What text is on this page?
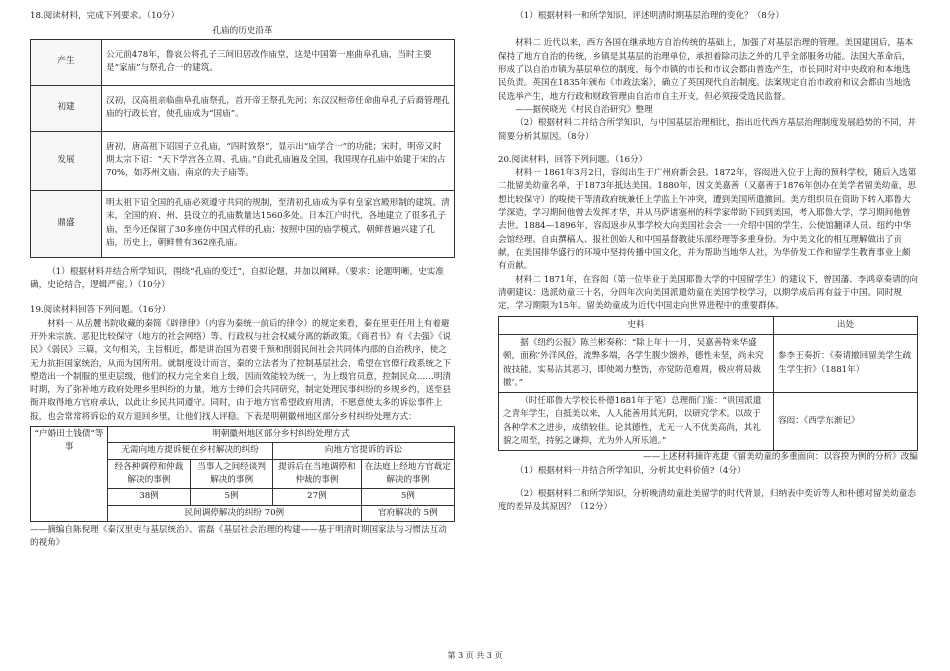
18.阅读材料，完成下列要求。（10分）

孔庙的历史沿革

产生	公元前478年，鲁哀公将孔子三间旧居改作庙堂，这是中国第一座曲阜孔庙，当时主要是“家庙”与祭孔合一的建筑。
初建	汉初，汉高祖亲临曲阜孔庙祭孔，首开帝王祭孔先河；东汉汉桓帝任命曲阜孔子后裔管理孔庙的行政长官，使孔庙成为“国庙”。
发展	唐初，唐高祖下诏国子立孔庙，“四时致祭”，显示出“庙学合一”的功能；宋时，明帝又时期太宗下诏：“天下学宫各立周、孔庙。”自此孔庙遍及全国，我国现存孔庙中始建于宋的占70%，如苏州文庙、南京的夫子庙等。
鼎盛	明太祖下诏全国的孔庙必须遵守共同的规制，至清初孔庙成为享有皇家宫殿形制的建筑。清末，全国的府、州、县设立的孔庙数量达1560多处。日本江户时代，各地建立了很多孔子庙，至今还保留了30多座仿中国式样的孔庙；按照中国的庙学模式，朝鲜普遍兴建了孔庙，历史上，朝鲜曾有362座孔庙。

（1）根据材料并结合所学知识，围绕“孔庙的变迁”，自拟论题，并加以阐释。（要求：论题明晰，史实准确，史论结合，逻辑严密。）（10分）

19.阅读材料回答下列问题。（16分）

材料一 从岳麓书院收藏的秦简《辟律律》（内容为秦统一前后的律令）的规定来看，秦在里吏任用上有着避开外来宗族、恶犯比较保守（地方的社会网络）等、行政权与社会权威分离的新政策。《商君书》有《去强》《说民》《弱民》三篇，文句相关，主旨相近，都是讲治国为君要千预和削弱民间社会共同体内部的自治秩序，使之无力抗拒国家统治，从而为国所用。就制度设计而言，秦的立法者为了控制基层社会，希望在官僚行政系统之下塑造出一个制服的里吏层级，他们的权力完全来自上级，因而效能较为统一，为上级官员意，控制民众……明清时期，为了弥补地方政府处理乡里纠纷的力量，地方士绅们会共同研究，制定处理民事纠纷的乡规乡约，送至县衙并取得地方官府承认，以此让乡民共同遵守。同时，由于地方官希望政府用清，不愿意使太多的诉讼事件上报，也会常常将诉讼的双方退回乡里，让他们找人评稳。下表是明朝徽州地区部分乡村纠纷处理方式：

“户婚田土钱债”等事	明朝徽州地区部分乡村纠纷处理方式			
	无需向地方提诉便在乡村解决的纠纷		向地方官提诉的诉讼	
	经各种调停和仲裁解决的事例	当事人之间经谈判解决的事例	提诉后在当地调停和仲裁的事例	在法庭上经地方官裁定解决的事例
	38例	5例	27例	5例
	民间调停解决的纠纷 70例			官府解决的 5例

——摘编自陈倪理《秦汉里吏与基层统治》、雷磊《基层社会治理的构建——基于明清时期国家法与习惯法互动的视角》

（1）根据材料一和所学知识，评述明清时期基层治理的变化？（8分）

材料二 近代以来，西方各国在继承地方自治传统的基础上，加强了对基层治理的管理。美国建国后，基本保持了地方自治的传统，乡镇是其基层的治理单位，承担着除司法之外的几乎全部服务功能。法国大革命后，形成了以自治市镇为基层单位的制度，每个市镇的市长和市议会都由普选产生，市长同时对中央政府和本地选民负责。英国在1835年颁布《市政法案》，确立了英国现代自治制度。法案规定自治市政府和议会都由当地选民选举产生，地方行政和财政管理由自治市自主开支，但必须接受选民监督。

——据侯晓光《村民自治研究》整理

（2）根据材料二并结合所学知识，与中国基层治理相比，指出近代西方基层治理制度发展趋势的不同，并简要分析其原因。（8分）

20.阅读材料，回答下列问题。（16分）

材料一 1861年3月2日，容闳出生于广州府新会县。1872年，容闳进入位于上海的预科学校，随后入选第二批留美幼童名单，于1873年抵达美国。1880年，因文美嘉善（又嘉善于1876年创办在美学者留美幼童，思想比较保守）的唆使干等清政府统兼任上学监上午冲突，遭到美国所遣撤回。美方组织员在资助下转入耶鲁大学深造，学习期间他曾去发挥才华，并从马萨诸塞州的科学家带助下回到美国，考入耶鲁大学，学习期间他曾去世。1884—1896年，容闳返步从事学校大向美国社会会一一介绍中国的学生、公使馆翻译人员、纽约中华会馆经理、自由撰稿人、报社创始人和中国基督教徒乐部经理等多重身份。为中美文化的相互理解做出了贡献，在美国排华盛行的环境中坚持传播中国文化，并为帮助当地华人社，为华侨发工作和留学生教育事业上颇有贡献。

材料二 1871年，在容闳（第一位毕业于美国耶鲁大学的中国留学生）的建议下，曾国藩、李鸿章奏请的向清朝建议：选派幼童三十名，分四年次向美国派遣幼童在美国学校学习，以期学成后再有益于中国。同时规定，学习期限为15年。留美幼童成为近代中国走向世界进程中的重要群体。

史料	出处
据《纽约公报》陈兰彬奏称：“除上年十一月，吴嘉善特来华盛顿，面称‘外洋风俗，流弊多端，各学生腹少馈养，德性未坚，尚未究彼技能，实易沾其恶习，即使竭力整饬，亦觉防范难周，极应将局裁撤’。”	参李王奏折：《奏请撤回留美学生疏生学生折》（1881年）
（时任耶鲁大学校长朴德1881年于笔）总理衙门鉴：“贵国派遣之青年学生，自抵美以来，人人能善用其光阴，以研究学术。以故于各种学术之进步，成绩较佳。论其德性，尤无一人不优美高尚，其礼貌之周至，持躬之谦抑，尤为外人所乐道。”	容闳：《西学东渐记》

——上述材料摘许兆捷《留美幼童的多重面向：以容揆为例的分析》改编

（1）根据材料一并结合所学知识，分析其史料价值?（4分）

（2）根据材料二和所学知识，分析晚清幼童赴美留学的时代背景，归纳表中奕䜣等人和朴德对留美幼童态度的差异及其原因？（12分）

第 3 页 共 3 页
